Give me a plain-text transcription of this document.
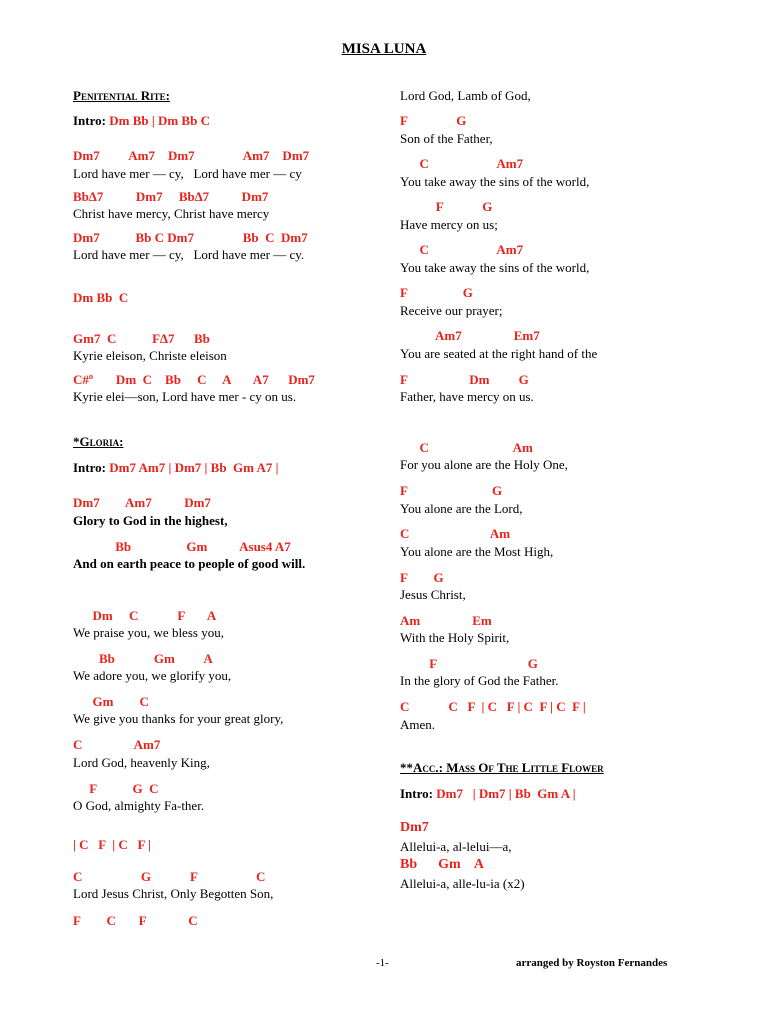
MISA LUNA
Penitential Rite:
Intro: Dm Bb | Dm Bb C
Dm7         Am7    Dm7               Am7    Dm7
Lord have mer — cy,   Lord have mer — cy
Bb∆7          Dm7     Bb∆7          Dm7
Christ have mercy, Christ have mercy
Dm7           Bb C Dm7               Bb  C  Dm7
Lord have mer — cy,   Lord have mer — cy.
Dm Bb  C
Gm7  C           F∆7      Bb
Kyrie eleison, Christe eleison
C#º       Dm  C    Bb     C     A       A7      Dm7
Kyrie elei—son, Lord have mer - cy on us.
*Gloria:
Intro: Dm7 Am7 | Dm7 | Bb  Gm A7 |
Dm7        Am7          Dm7
Glory to God in the highest,
Bb                 Gm          Asus4 A7
And on earth peace to people of good will.
Dm     C            F       A
We praise you, we bless you,
Bb            Gm         A
We adore you, we glorify you,
Gm        C
We give you thanks for your great glory,
C                Am7
Lord God, heavenly King,
F           G  C
O God, almighty Fa-ther.
| C   F  | C   F |
C                  G            F                  C
Lord Jesus Christ, Only Begotten Son,
F        C       F             C
Lord God, Lamb of God,
F               G
Son of the Father,
C                     Am7
You take away the sins of the world,
F            G
Have mercy on us;
C                     Am7
You take away the sins of the world,
F                 G
Receive our prayer;
Am7                Em7
You are seated at the right hand of the
F                   Dm         G
Father, have mercy on us.
C                          Am
For you alone are the Holy One,
F                          G
You alone are the Lord,
C                         Am
You alone are the Most High,
F        G
Jesus Christ,
Am                Em
With the Holy Spirit,
F                            G
In the glory of God the Father.
C            C   F  | C   F | C  F | C  F |
Amen.
**Acc.: Mass Of The Little Flower
Intro: Dm7   | Dm7 | Bb  Gm A |
Dm7
Allelui-a, al-lelui—a,
Bb      Gm    A
Allelui-a, alle-lu-ia (x2)
-1-	arranged by Royston Fernandes
